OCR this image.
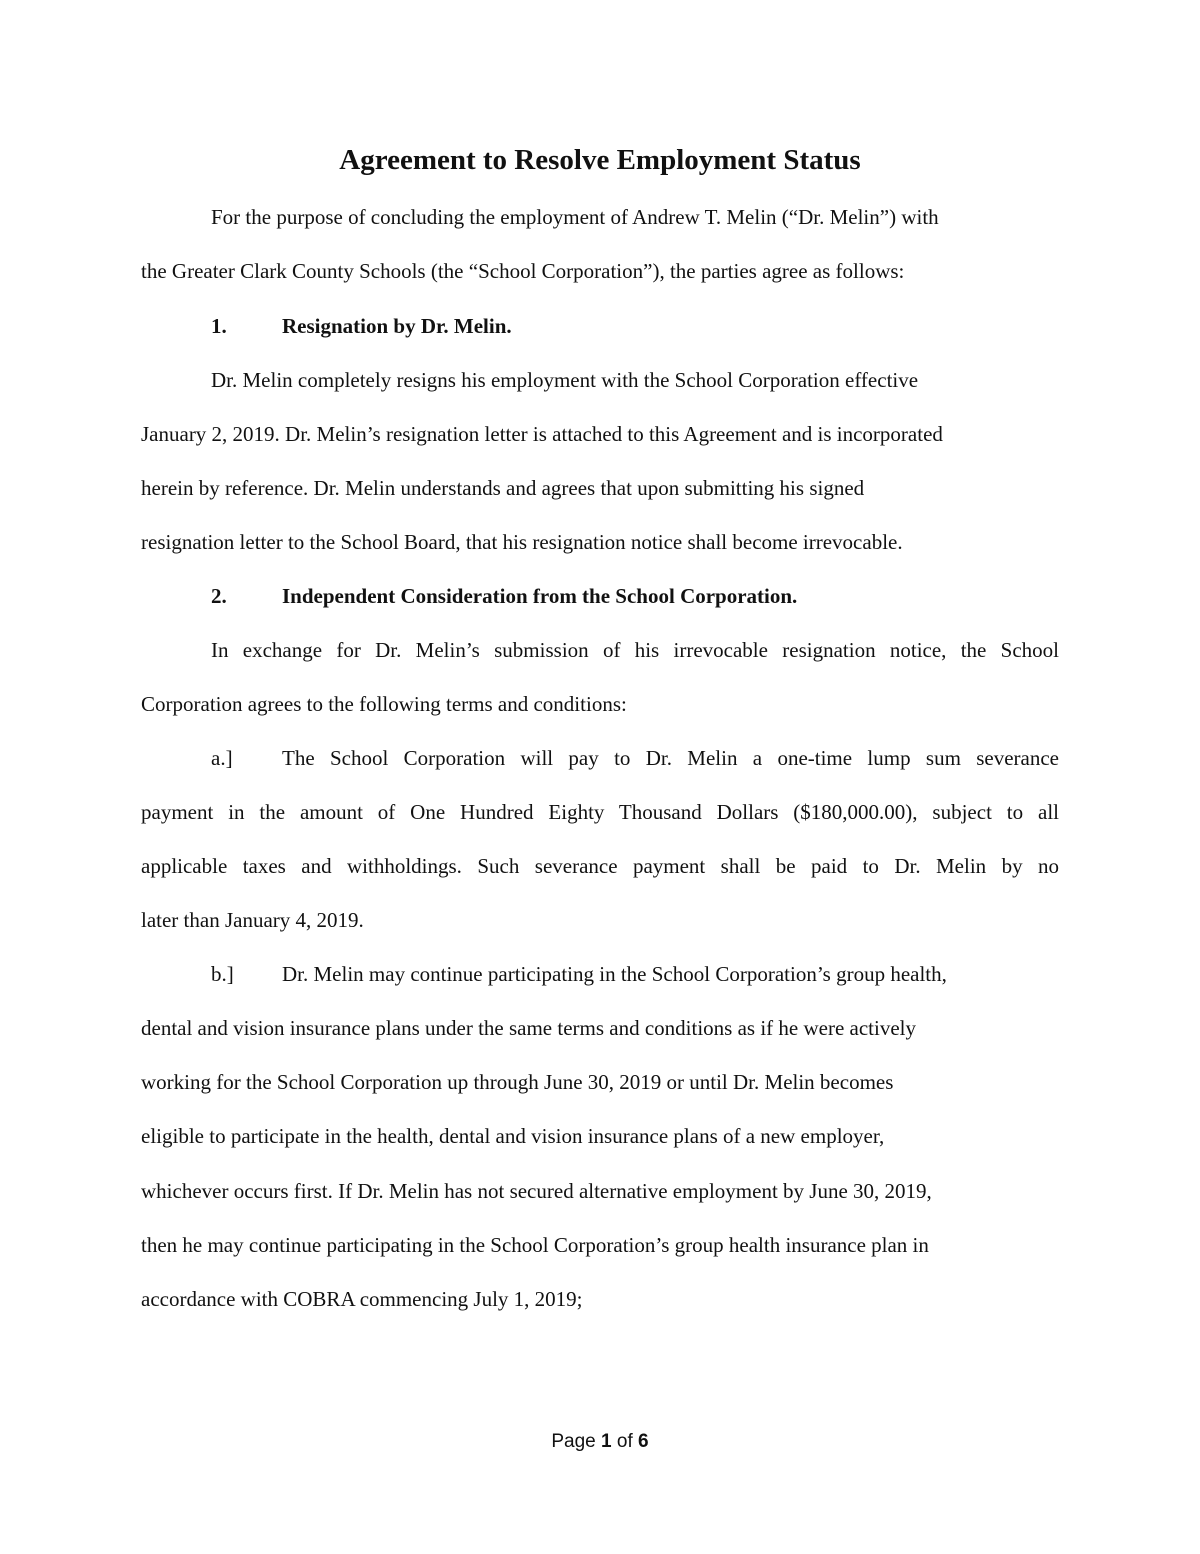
Agreement to Resolve Employment Status
For the purpose of concluding the employment of Andrew T. Melin (“Dr. Melin”) with
the Greater Clark County Schools (the “School Corporation”), the parties agree as follows:
1.	Resignation by Dr. Melin.
Dr. Melin completely resigns his employment with the School Corporation effective
January 2, 2019. Dr. Melin’s resignation letter is attached to this Agreement and is incorporated
herein by reference. Dr. Melin understands and agrees that upon submitting his signed
resignation letter to the School Board, that his resignation notice shall become irrevocable.
2.	Independent Consideration from the School Corporation.
In exchange for Dr. Melin’s submission of his irrevocable resignation notice, the School
Corporation agrees to the following terms and conditions:
a.] The School Corporation will pay to Dr. Melin a one-time lump sum severance
payment in the amount of One Hundred Eighty Thousand Dollars ($180,000.00), subject to all
applicable taxes and withholdings. Such severance payment shall be paid to Dr. Melin by no
later than January 4, 2019.
b.] Dr. Melin may continue participating in the School Corporation’s group health,
dental and vision insurance plans under the same terms and conditions as if he were actively
working for the School Corporation up through June 30, 2019 or until Dr. Melin becomes
eligible to participate in the health, dental and vision insurance plans of a new employer,
whichever occurs first. If Dr. Melin has not secured alternative employment by June 30, 2019,
then he may continue participating in the School Corporation’s group health insurance plan in
accordance with COBRA commencing July 1, 2019;
Page 1 of 6
